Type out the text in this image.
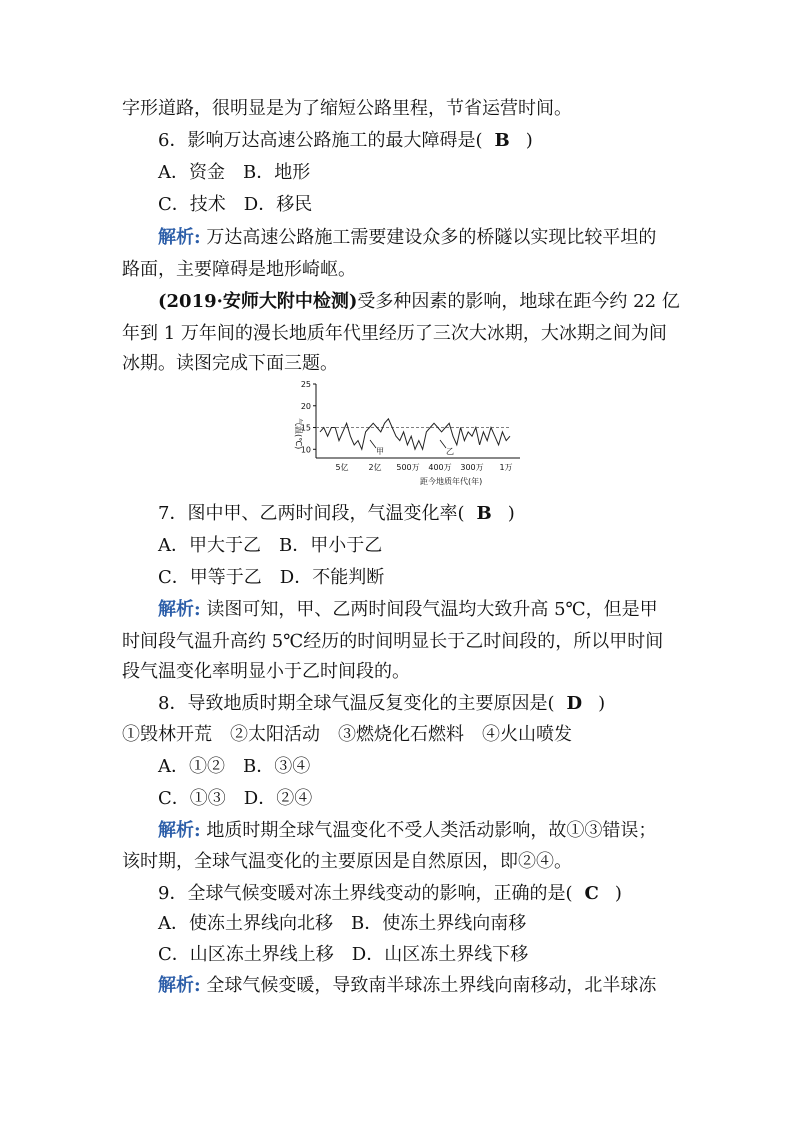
字形道路，很明显是为了缩短公路里程，节省运营时间。
6．影响万达高速公路施工的最大障碍是( B )
A．资金　B．地形
C．技术　D．移民
解析: 万达高速公路施工需要建设众多的桥隧以实现比较平坦的
路面，主要障碍是地形崎岖。
(2019·安师大附中检测)受多种因素的影响，地球在距今约 22 亿
年到 1 万年间的漫长地质年代里经历了三次大冰期，大冰期之间为间
冰期。读图完成下面三题。
10
15
20
25
5亿 2亿 500万 400万 300万 1万
气温(℃)
甲	乙
距今地质年代(年)
7．图中甲、乙两时间段，气温变化率( B )
A．甲大于乙　B．甲小于乙
C．甲等于乙　D．不能判断
解析: 读图可知，甲、乙两时间段气温均大致升高 5℃，但是甲
时间段气温升高约 5℃经历的时间明显长于乙时间段的，所以甲时间
段气温变化率明显小于乙时间段的。
8．导致地质时期全球气温反复变化的主要原因是( D )
①毁林开荒　②太阳活动　③燃烧化石燃料　④火山喷发
A．①②　B．③④
C．①③　D．②④
解析: 地质时期全球气温变化不受人类活动影响，故①③错误；
该时期，全球气温变化的主要原因是自然原因，即②④。
9．全球气候变暖对冻土界线变动的影响，正确的是( C )
A．使冻土界线向北移　B．使冻土界线向南移
C．山区冻土界线上移　D．山区冻土界线下移
解析: 全球气候变暖，导致南半球冻土界线向南移动，北半球冻
